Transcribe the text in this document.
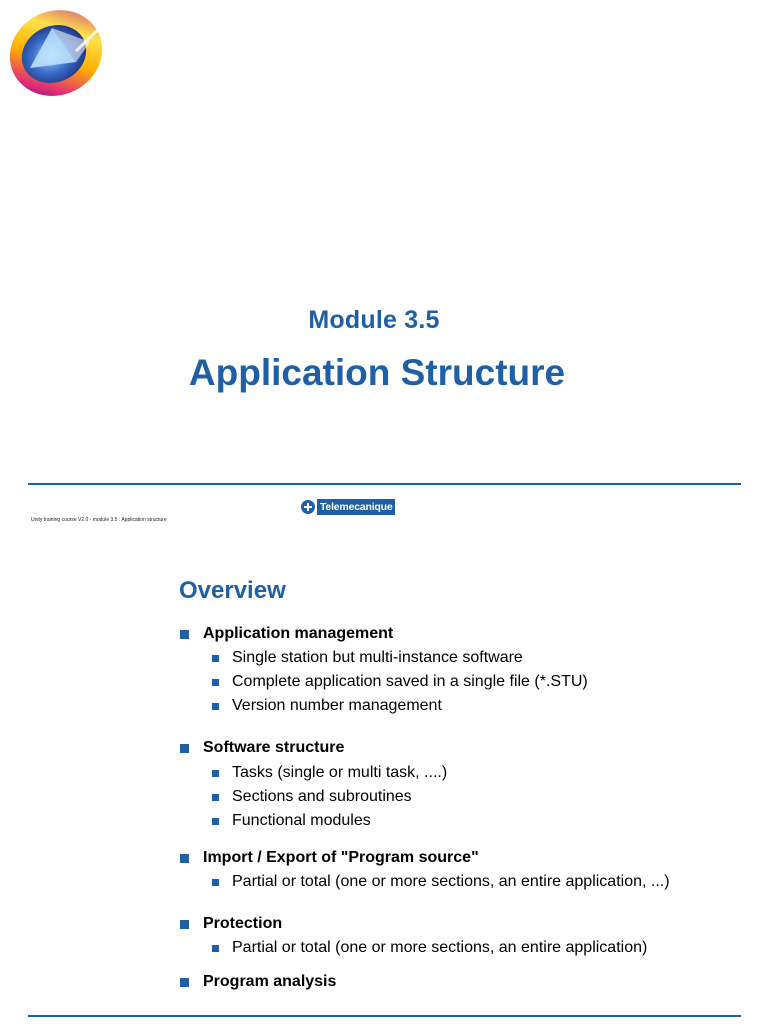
Module 3.5
Application Structure
Telemecanique
Unity training course V2.0 - module 3.5 : Application structure
Overview
Application management
Single station but multi-instance software
Complete application saved in a single file (*.STU)
Version number management
Software structure
Tasks (single or multi task, ....)
Sections and subroutines
Functional modules
Import / Export of "Program source"
Partial or total (one or more sections, an entire application, ...)
Protection
Partial or total (one or more sections, an entire application)
Program analysis
